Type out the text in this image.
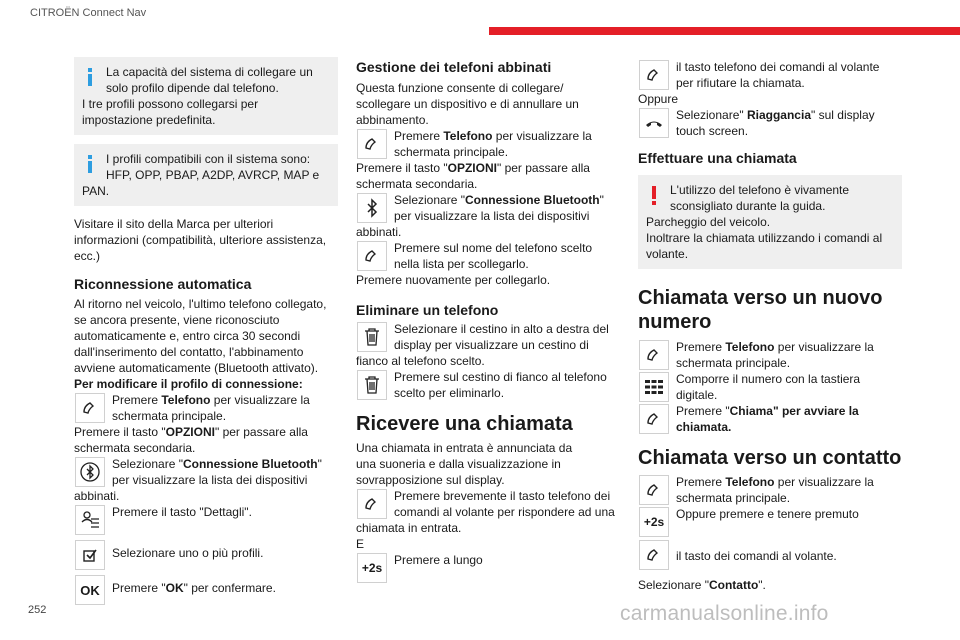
CITROËN Connect Nav

La capacità del sistema di collegare un

solo profilo dipende dal telefono.

I tre profili possono collegarsi per

impostazione predefinita.

I profili compatibili con il sistema sono:

HFP, OPP, PBAP, A2DP, AVRCP, MAP e

PAN.

Visitare il sito della Marca per ulteriori

informazioni (compatibilità, ulteriore assistenza,

ecc.)

Riconnessione automatica

Al ritorno nel veicolo, l'ultimo telefono collegato,

se ancora presente, viene riconosciuto

automaticamente e, entro circa 30 secondi

dall'inserimento del contatto, l'abbinamento

avviene automaticamente (Bluetooth attivato).

Per modificare il profilo di connessione:

Premere Telefono per visualizzare la

schermata principale.

Premere il tasto "OPZIONI" per passare alla

schermata secondaria.

Selezionare "Connessione Bluetooth"

per visualizzare la lista dei dispositivi

abbinati.

Premere il tasto "Dettagli".

Selezionare uno o più profili.

OK Premere "OK" per confermare.

Gestione dei telefoni abbinati

Questa funzione consente di collegare/

scollegare un dispositivo e di annullare un

abbinamento.

Premere Telefono per visualizzare la

schermata principale.

Premere il tasto "OPZIONI" per passare alla

schermata secondaria.

Selezionare "Connessione Bluetooth"

per visualizzare la lista dei dispositivi

abbinati.

Premere sul nome del telefono scelto

nella lista per scollegarlo.

Premere nuovamente per collegarlo.

Eliminare un telefono

Selezionare il cestino in alto a destra del

display per visualizzare un cestino di

fianco al telefono scelto.

Premere sul cestino di fianco al telefono

scelto per eliminarlo.

Ricevere una chiamata

Una chiamata in entrata è annunciata da

una suoneria e dalla visualizzazione in

sovrapposizione sul display.

Premere brevemente il tasto telefono dei

comandi al volante per rispondere ad una

chiamata in entrata.

E

+2s

Premere a lungo

il tasto telefono dei comandi al volante

per rifiutare la chiamata.

Oppure

Selezionare" Riaggancia" sul display

touch screen.

Effettuare una chiamata

L'utilizzo del telefono è vivamente

sconsigliato durante la guida.

Parcheggio del veicolo.

Inoltrare la chiamata utilizzando i comandi al

volante.

Chiamata verso un nuovo
numero

Premere Telefono per visualizzare la

schermata principale.

Comporre il numero con la tastiera

digitale.

Premere "Chiama" per avviare la

chiamata.

Chiamata verso un contatto

Premere Telefono per visualizzare la

schermata principale.

+2s

Oppure premere e tenere premuto

il tasto dei comandi al volante.

Selezionare "Contatto".

252	carmanualsonline.info
